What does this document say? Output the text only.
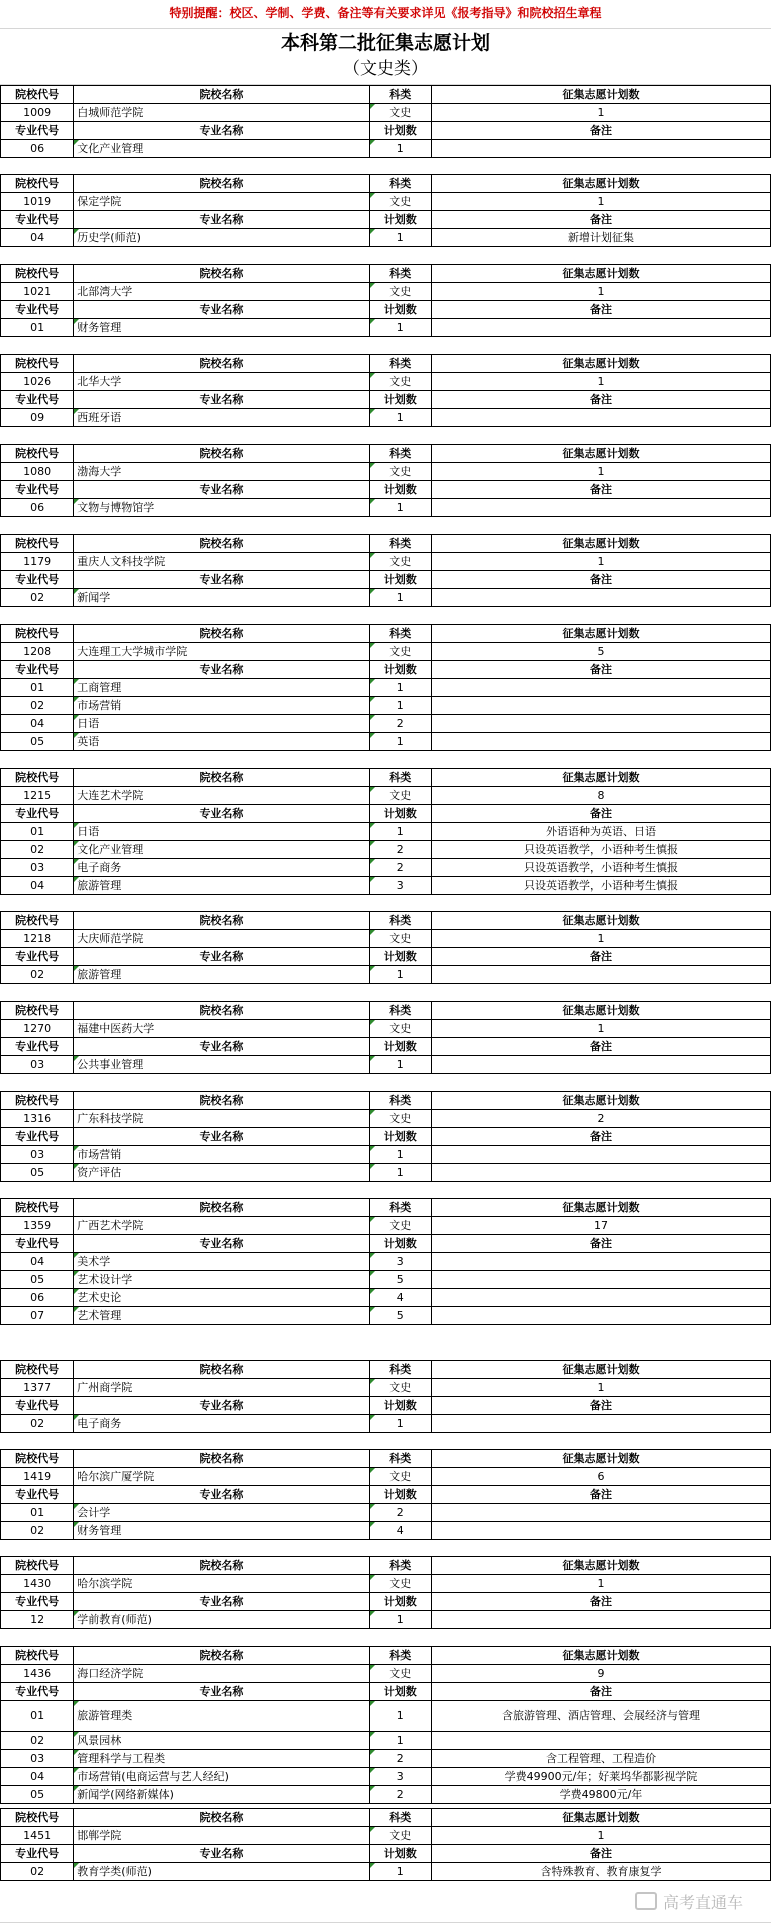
特别提醒：校区、学制、学费、备注等有关要求详见《报考指导》和院校招生章程
本科第二批征集志愿计划
（文史类）
院校代号	院校名称	科类	征集志愿计划数
1009	白城师范学院	文史	1
专业代号	专业名称	计划数	备注
06	文化产业管理	1	
院校代号	院校名称	科类	征集志愿计划数
1019	保定学院	文史	1
专业代号	专业名称	计划数	备注
04	历史学(师范)	1	新增计划征集
院校代号	院校名称	科类	征集志愿计划数
1021	北部湾大学	文史	1
专业代号	专业名称	计划数	备注
01	财务管理	1	
院校代号	院校名称	科类	征集志愿计划数
1026	北华大学	文史	1
专业代号	专业名称	计划数	备注
09	西班牙语	1	
院校代号	院校名称	科类	征集志愿计划数
1080	渤海大学	文史	1
专业代号	专业名称	计划数	备注
06	文物与博物馆学	1	
院校代号	院校名称	科类	征集志愿计划数
1179	重庆人文科技学院	文史	1
专业代号	专业名称	计划数	备注
02	新闻学	1	
院校代号	院校名称	科类	征集志愿计划数
1208	大连理工大学城市学院	文史	5
专业代号	专业名称	计划数	备注
01	工商管理	1	
02	市场营销	1	
04	日语	2	
05	英语	1	
院校代号	院校名称	科类	征集志愿计划数
1215	大连艺术学院	文史	8
专业代号	专业名称	计划数	备注
01	日语	1	外语语种为英语、日语
02	文化产业管理	2	只设英语教学，小语种考生慎报
03	电子商务	2	只设英语教学，小语种考生慎报
04	旅游管理	3	只设英语教学，小语种考生慎报
院校代号	院校名称	科类	征集志愿计划数
1218	大庆师范学院	文史	1
专业代号	专业名称	计划数	备注
02	旅游管理	1	
院校代号	院校名称	科类	征集志愿计划数
1270	福建中医药大学	文史	1
专业代号	专业名称	计划数	备注
03	公共事业管理	1	
院校代号	院校名称	科类	征集志愿计划数
1316	广东科技学院	文史	2
专业代号	专业名称	计划数	备注
03	市场营销	1	
05	资产评估	1	
院校代号	院校名称	科类	征集志愿计划数
1359	广西艺术学院	文史	17
专业代号	专业名称	计划数	备注
04	美术学	3	
05	艺术设计学	5	
06	艺术史论	4	
07	艺术管理	5	
院校代号	院校名称	科类	征集志愿计划数
1377	广州商学院	文史	1
专业代号	专业名称	计划数	备注
02	电子商务	1	
院校代号	院校名称	科类	征集志愿计划数
1419	哈尔滨广厦学院	文史	6
专业代号	专业名称	计划数	备注
01	会计学	2	
02	财务管理	4	
院校代号	院校名称	科类	征集志愿计划数
1430	哈尔滨学院	文史	1
专业代号	专业名称	计划数	备注
12	学前教育(师范)	1	
院校代号	院校名称	科类	征集志愿计划数
1436	海口经济学院	文史	9
专业代号	专业名称	计划数	备注
01	旅游管理类	1	含旅游管理、酒店管理、会展经济与管理
02	风景园林	1	
03	管理科学与工程类	2	含工程管理、工程造价
04	市场营销(电商运营与艺人经纪)	3	学费49900元/年；好莱坞华都影视学院
05	新闻学(网络新媒体)	2	学费49800元/年
院校代号	院校名称	科类	征集志愿计划数
1451	邯郸学院	文史	1
专业代号	专业名称	计划数	备注
02	教育学类(师范)	1	含特殊教育、教育康复学
高考直通车
